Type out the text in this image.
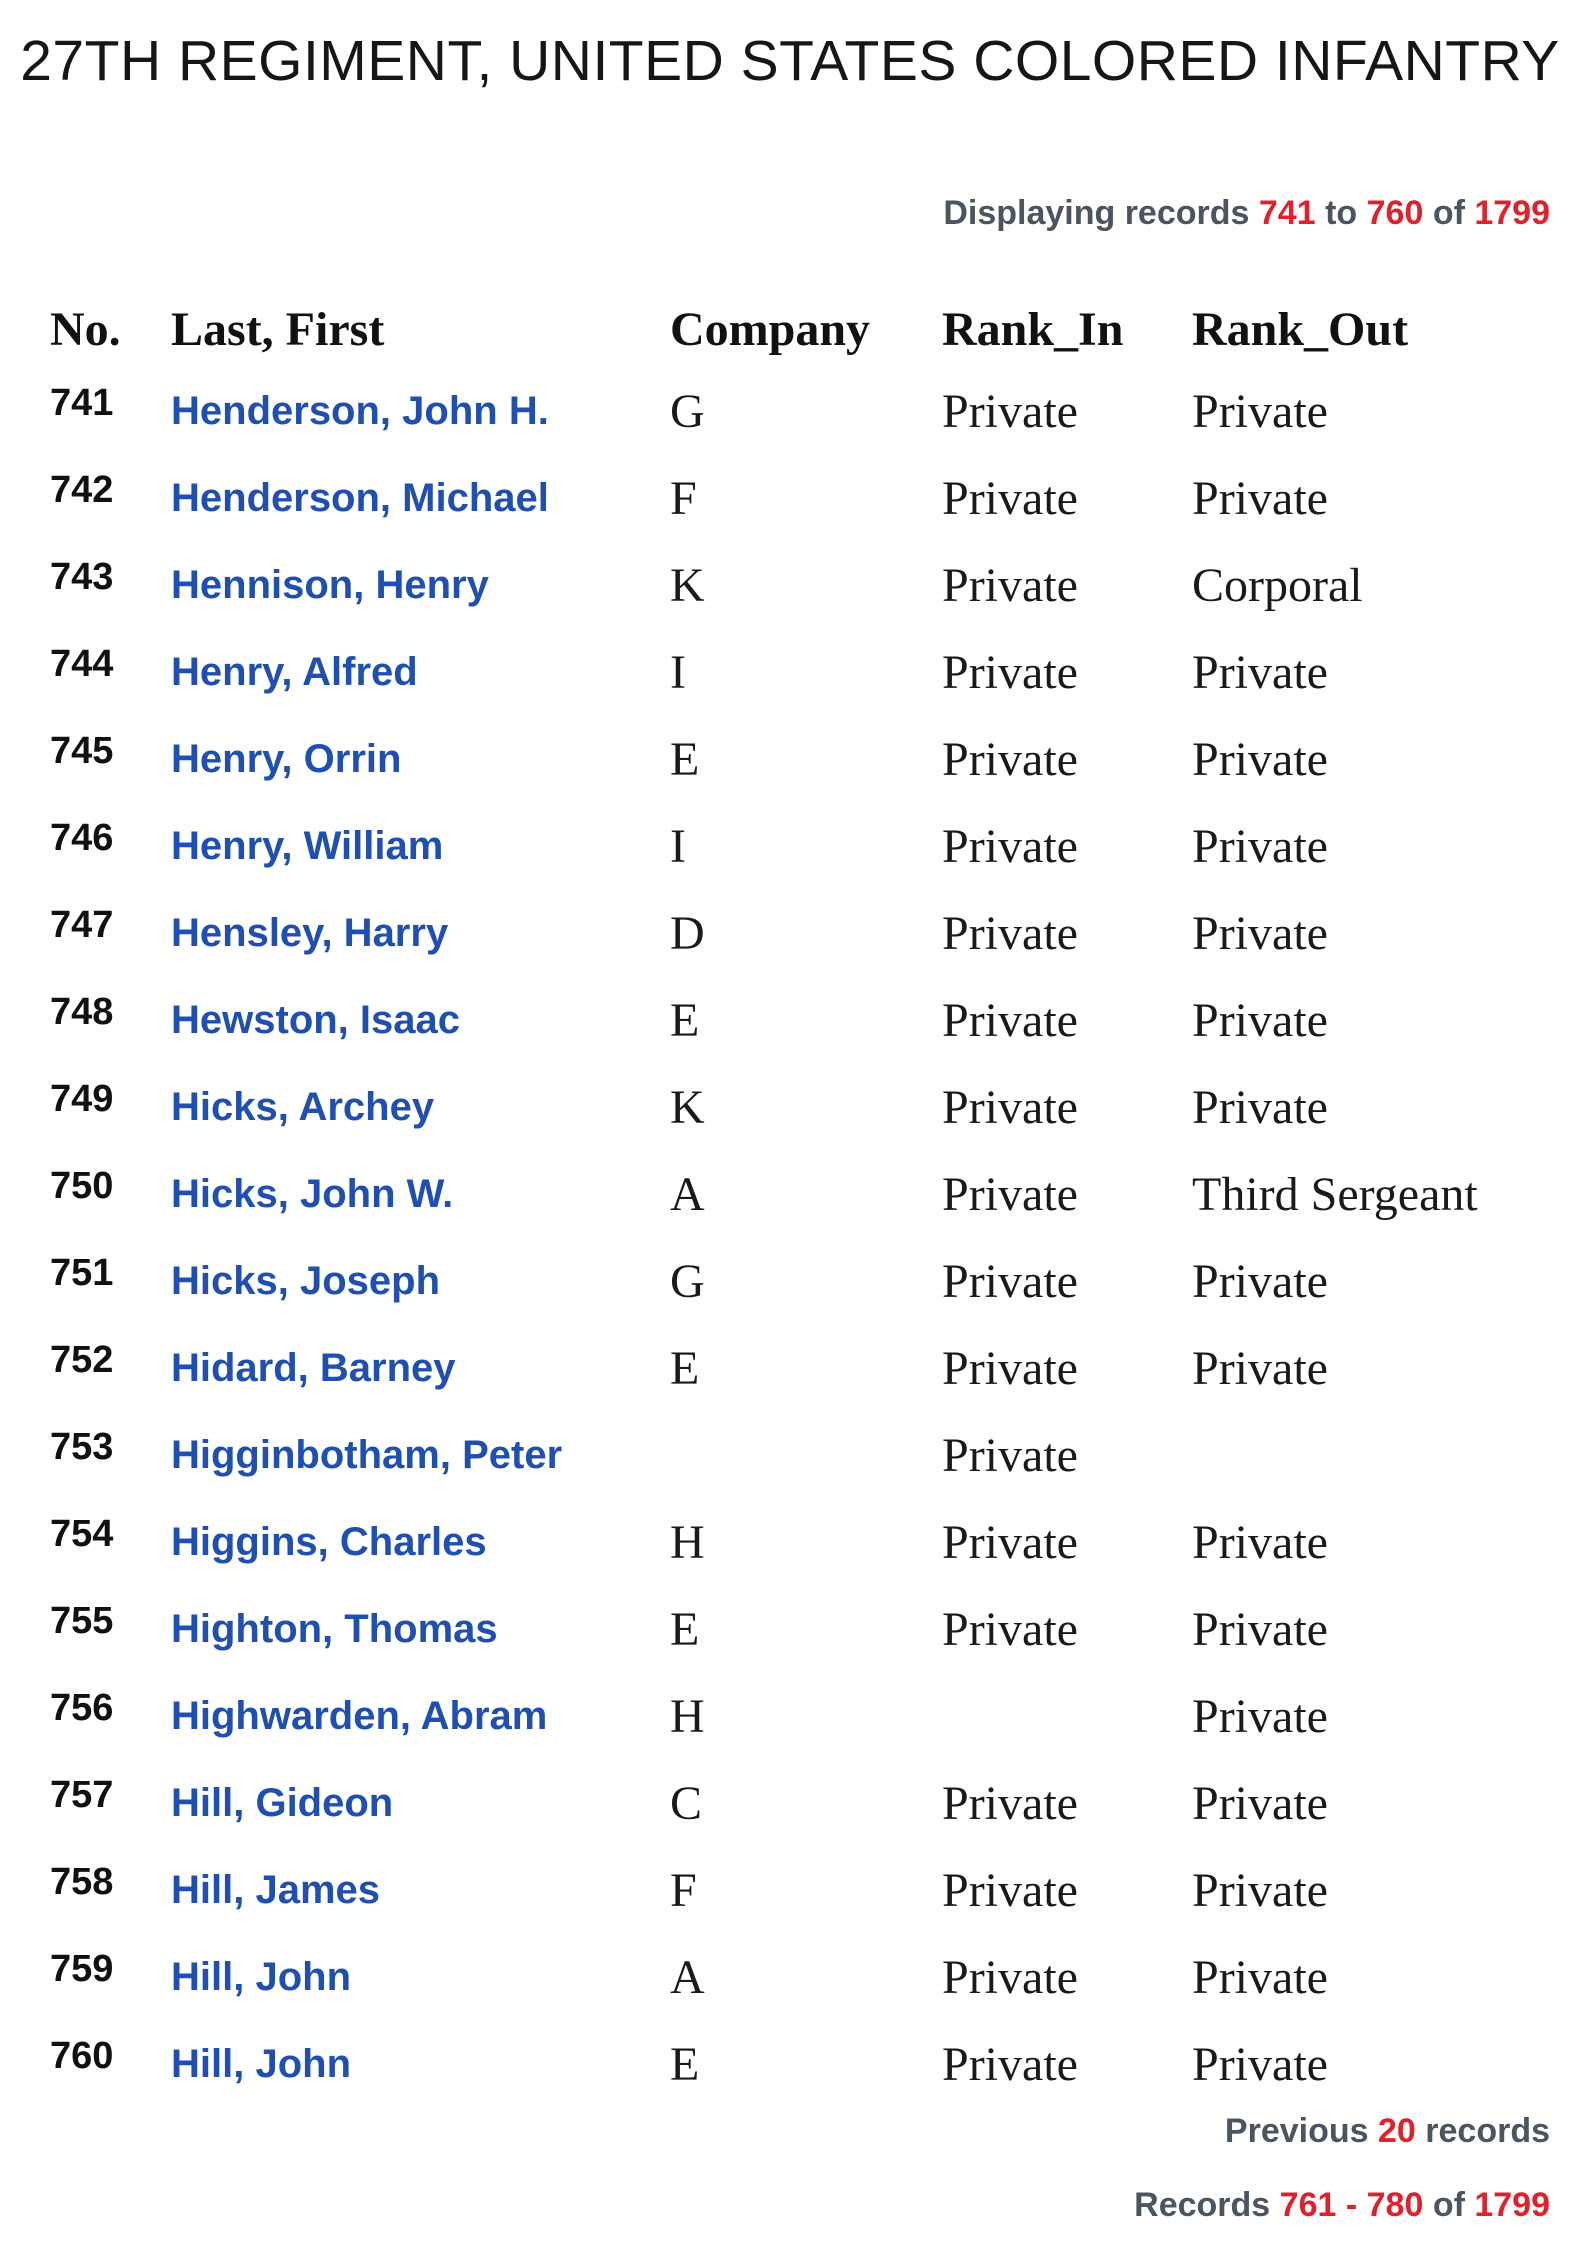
27TH REGIMENT, UNITED STATES COLORED INFANTRY
Displaying records 741 to 760 of 1799
No.	Last, First	Company	Rank_In	Rank_Out
741	Henderson, John H.	G	Private	Private
742	Henderson, Michael	F	Private	Private
743	Hennison, Henry	K	Private	Corporal
744	Henry, Alfred	I	Private	Private
745	Henry, Orrin	E	Private	Private
746	Henry, William	I	Private	Private
747	Hensley, Harry	D	Private	Private
748	Hewston, Isaac	E	Private	Private
749	Hicks, Archey	K	Private	Private
750	Hicks, John W.	A	Private	Third Sergeant
751	Hicks, Joseph	G	Private	Private
752	Hidard, Barney	E	Private	Private
753	Higginbotham, Peter		Private	
754	Higgins, Charles	H	Private	Private
755	Highton, Thomas	E	Private	Private
756	Highwarden, Abram	H		Private
757	Hill, Gideon	C	Private	Private
758	Hill, James	F	Private	Private
759	Hill, John	A	Private	Private
760	Hill, John	E	Private	Private
Previous 20 records
Records 761 - 780 of 1799
